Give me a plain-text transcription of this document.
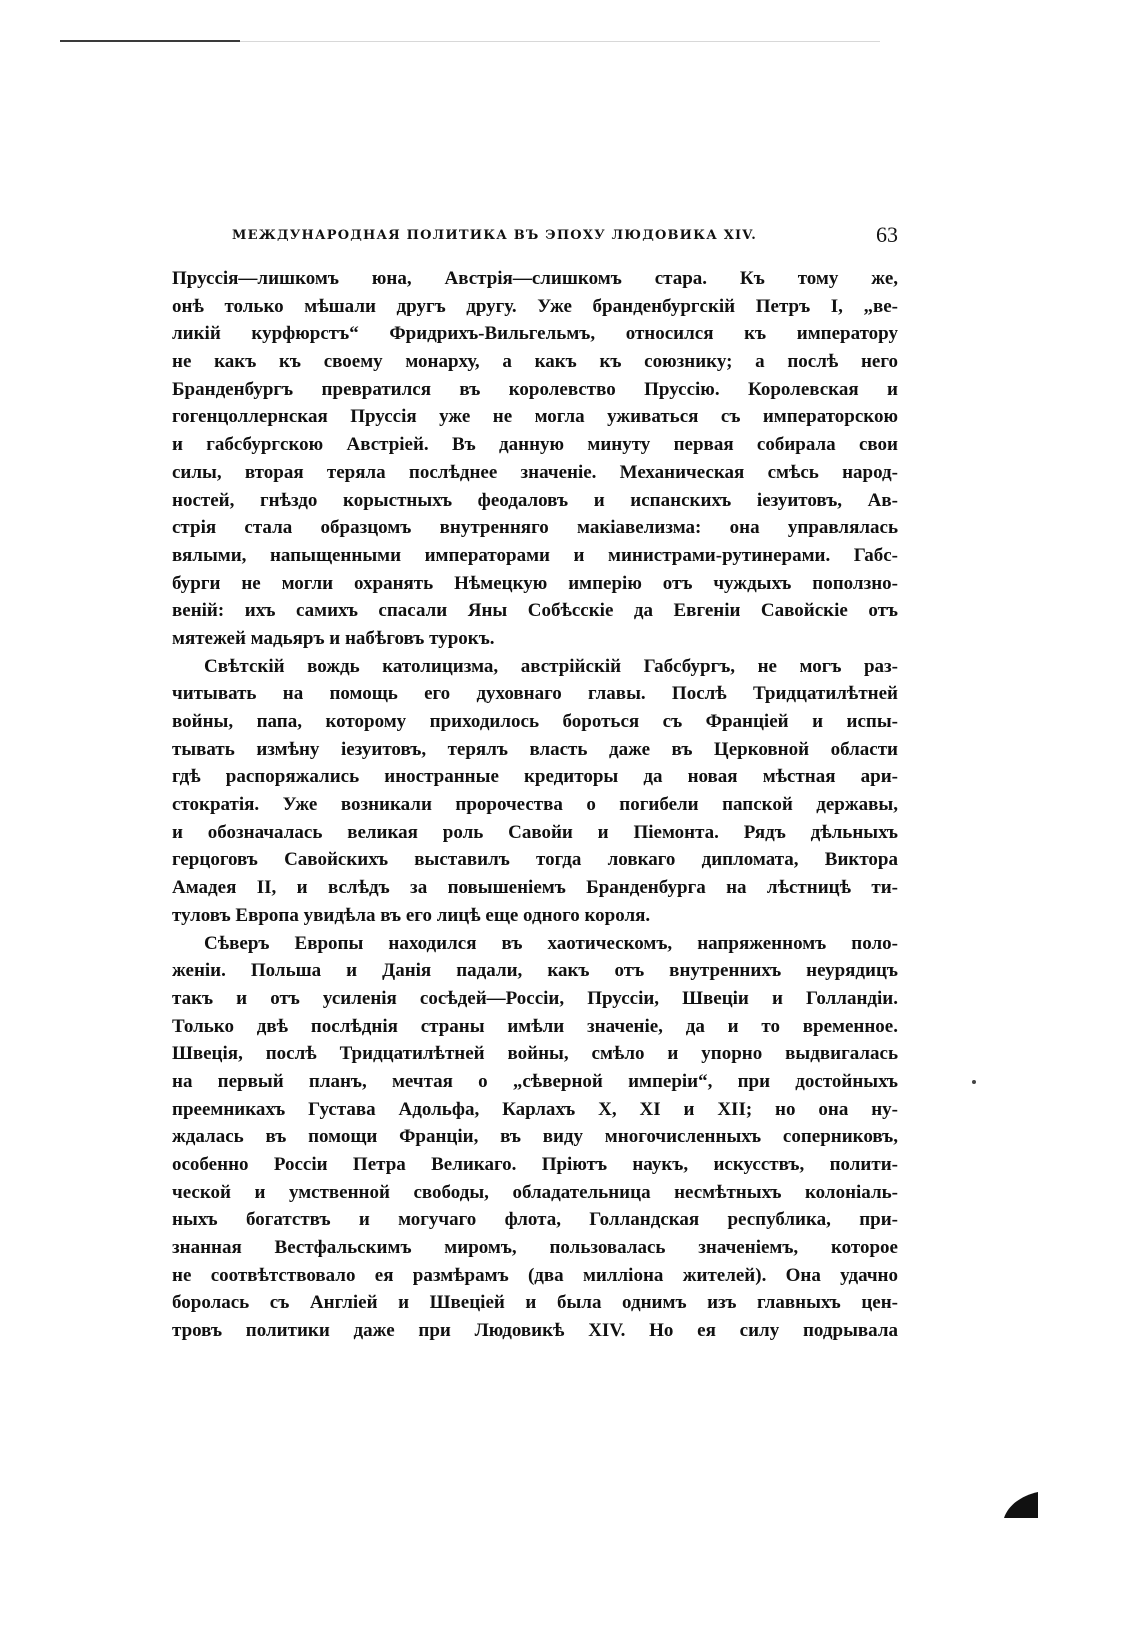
МЕЖДУНАРОДНАЯ ПОЛИТИКА ВЪ ЭПОХУ ЛЮДОВИКА XIV.	63
Пруссія—лишкомъ юна, Австрія—слишкомъ стара. Къ тому же,
онѣ только мѣшали другъ другу. Уже бранденбургскій Петръ I, „ве-
ликій курфюрстъ“ Фридрихъ-Вильгельмъ, относился къ императору
не какъ къ своему монарху, а какъ къ союзнику; а послѣ него
Бранденбургъ превратился въ королевство Пруссію. Королевская и
гогенцоллернская Пруссія уже не могла уживаться съ императорскою
и габсбургскою Австріей. Въ данную минуту первая собирала свои
силы, вторая теряла послѣднее значеніе. Механическая смѣсь народ-
ностей, гнѣздо корыстныхъ феодаловъ и испанскихъ іезуитовъ, Ав-
стрія стала образцомъ внутренняго макіавелизма: она управлялась
вялыми, напыщенными императорами и министрами-рутинерами. Габс-
бурги не могли охранять Нѣмецкую имперію отъ чуждыхъ поползно-
веній: ихъ самихъ спасали Яны Собѣсскіе да Евгеніи Савойскіе отъ
мятежей мадьяръ и набѣговъ турокъ.
Свѣтскій вождь католицизма, австрійскій Габсбургъ, не могъ раз-
читывать на помощь его духовнаго главы. Послѣ Тридцатилѣтней
войны, папа, которому приходилось бороться съ Франціей и испы-
тывать измѣну іезуитовъ, терялъ власть даже въ Церковной области
гдѣ распоряжались иностранные кредиторы да новая мѣстная ари-
стократія. Уже возникали пророчества о погибели папской державы,
и обозначалась великая роль Савойи и Піемонта. Рядъ дѣльныхъ
герцоговъ Савойскихъ выставилъ тогда ловкаго дипломата, Виктора
Амадея II, и вслѣдъ за повышеніемъ Бранденбурга на лѣстницѣ ти-
туловъ Европа увидѣла въ его лицѣ еще одного короля.
Сѣверъ Европы находился въ хаотическомъ, напряженномъ поло-
женіи. Польша и Данія падали, какъ отъ внутреннихъ неурядицъ
такъ и отъ усиленія сосѣдей—Россіи, Пруссіи, Швеціи и Голландіи.
Только двѣ послѣднія страны имѣли значеніе, да и то временное.
Швеція, послѣ Тридцатилѣтней войны, смѣло и упорно выдвигалась
на первый планъ, мечтая о „сѣверной имперіи“, при достойныхъ
преемникахъ Густава Адольфа, Карлахъ X, XI и XII; но она ну-
ждалась въ помощи Франціи, въ виду многочисленныхъ соперниковъ,
особенно Россіи Петра Великаго. Пріютъ наукъ, искусствъ, полити-
ческой и умственной свободы, обладательница несмѣтныхъ колоніаль-
ныхъ богатствъ и могучаго флота, Голландская республика, при-
знанная Вестфальскимъ миромъ, пользовалась значеніемъ, которое
не соотвѣтствовало ея размѣрамъ (два милліона жителей). Она удачно
боролась съ Англіей и Швеціей и была однимъ изъ главныхъ цен-
тровъ политики даже при Людовикѣ XIV. Но ея силу подрывала
